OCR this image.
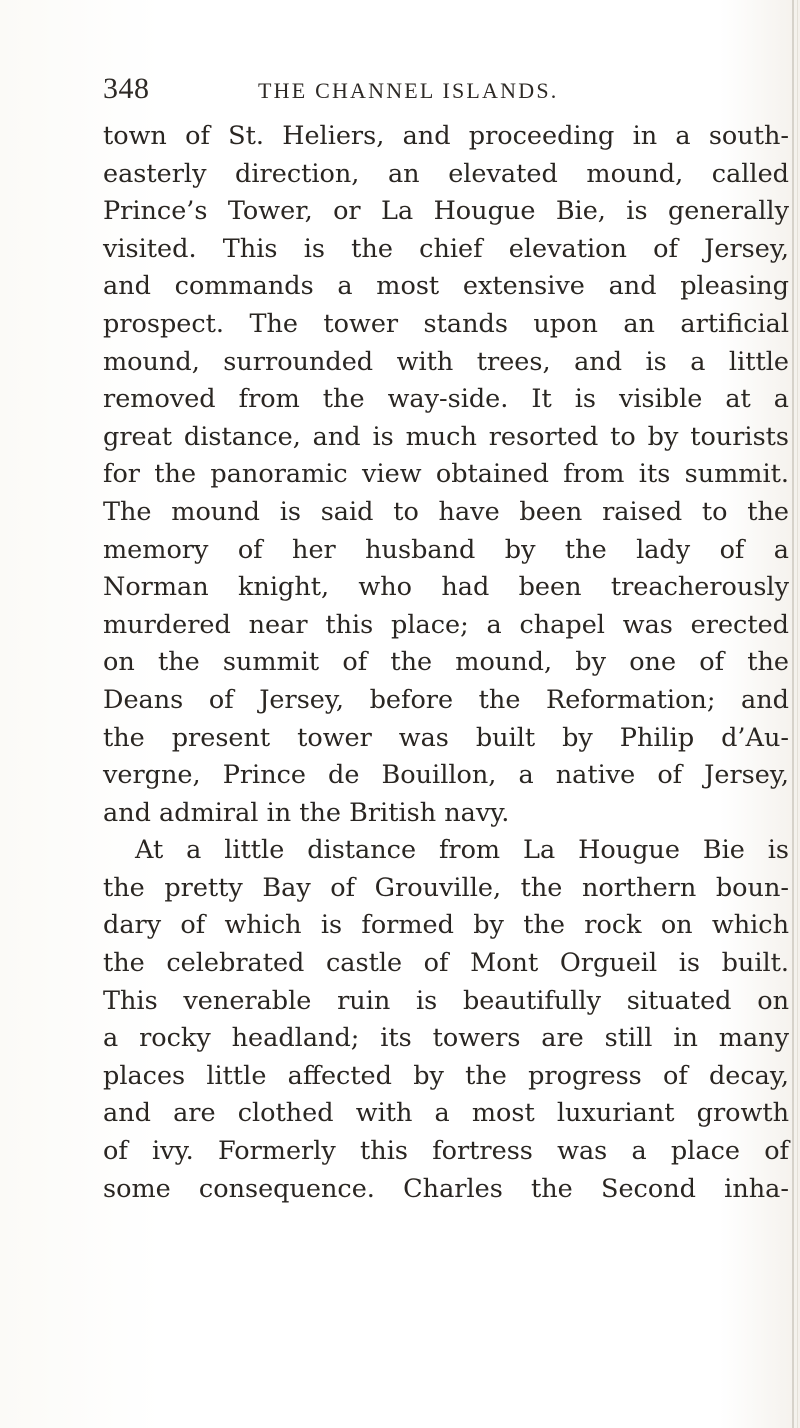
348	THE CHANNEL ISLANDS.
town of St. Heliers, and proceeding in a south-
easterly direction, an elevated mound, called
Prince’s Tower, or La Hougue Bie, is generally
visited. This is the chief elevation of Jersey,
and commands a most extensive and pleasing
prospect. The tower stands upon an artificial
mound, surrounded with trees, and is a little
removed from the way-side. It is visible at a
great distance, and is much resorted to by tourists
for the panoramic view obtained from its summit.
The mound is said to have been raised to the
memory of her husband by the lady of a
Norman knight, who had been treacherously
murdered near this place; a chapel was erected
on the summit of the mound, by one of the
Deans of Jersey, before the Reformation; and
the present tower was built by Philip d’Au-
vergne, Prince de Bouillon, a native of Jersey,
and admiral in the British navy.
At a little distance from La Hougue Bie is
the pretty Bay of Grouville, the northern boun-
dary of which is formed by the rock on which
the celebrated castle of Mont Orgueil is built.
This venerable ruin is beautifully situated on
a rocky headland; its towers are still in many
places little affected by the progress of decay,
and are clothed with a most luxuriant growth
of ivy. Formerly this fortress was a place of
some consequence. Charles the Second inha-
